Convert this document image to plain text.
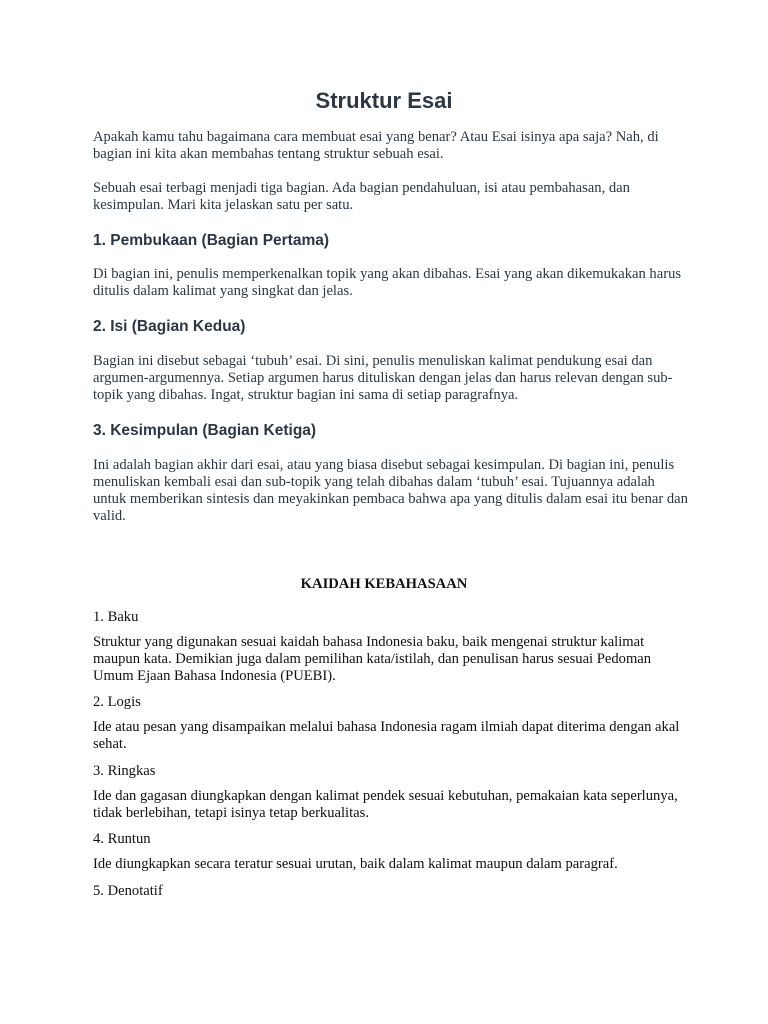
Struktur Esai

Apakah kamu tahu bagaimana cara membuat esai yang benar? Atau Esai isinya apa saja? Nah, di bagian ini kita akan membahas tentang struktur sebuah esai.

Sebuah esai terbagi menjadi tiga bagian. Ada bagian pendahuluan, isi atau pembahasan, dan kesimpulan. Mari kita jelaskan satu per satu.

1. Pembukaan (Bagian Pertama)

Di bagian ini, penulis memperkenalkan topik yang akan dibahas. Esai yang akan dikemukakan harus ditulis dalam kalimat yang singkat dan jelas.

2. Isi (Bagian Kedua)

Bagian ini disebut sebagai ‘tubuh’ esai. Di sini, penulis menuliskan kalimat pendukung esai dan argumen-argumennya. Setiap argumen harus dituliskan dengan jelas dan harus relevan dengan sub-topik yang dibahas. Ingat, struktur bagian ini sama di setiap paragrafnya.

3. Kesimpulan (Bagian Ketiga)

Ini adalah bagian akhir dari esai, atau yang biasa disebut sebagai kesimpulan. Di bagian ini, penulis menuliskan kembali esai dan sub-topik yang telah dibahas dalam ‘tubuh’ esai. Tujuannya adalah untuk memberikan sintesis dan meyakinkan pembaca bahwa apa yang ditulis dalam esai itu benar dan valid.

KAIDAH KEBAHASAAN

1. Baku

Struktur yang digunakan sesuai kaidah bahasa Indonesia baku, baik mengenai struktur kalimat maupun kata. Demikian juga dalam pemilihan kata/istilah, dan penulisan harus sesuai Pedoman Umum Ejaan Bahasa Indonesia (PUEBI).

2. Logis

Ide atau pesan yang disampaikan melalui bahasa Indonesia ragam ilmiah dapat diterima dengan akal sehat.

3. Ringkas

Ide dan gagasan diungkapkan dengan kalimat pendek sesuai kebutuhan, pemakaian kata seperlunya, tidak berlebihan, tetapi isinya tetap berkualitas.

4. Runtun

Ide diungkapkan secara teratur sesuai urutan, baik dalam kalimat maupun dalam paragraf.

5. Denotatif
